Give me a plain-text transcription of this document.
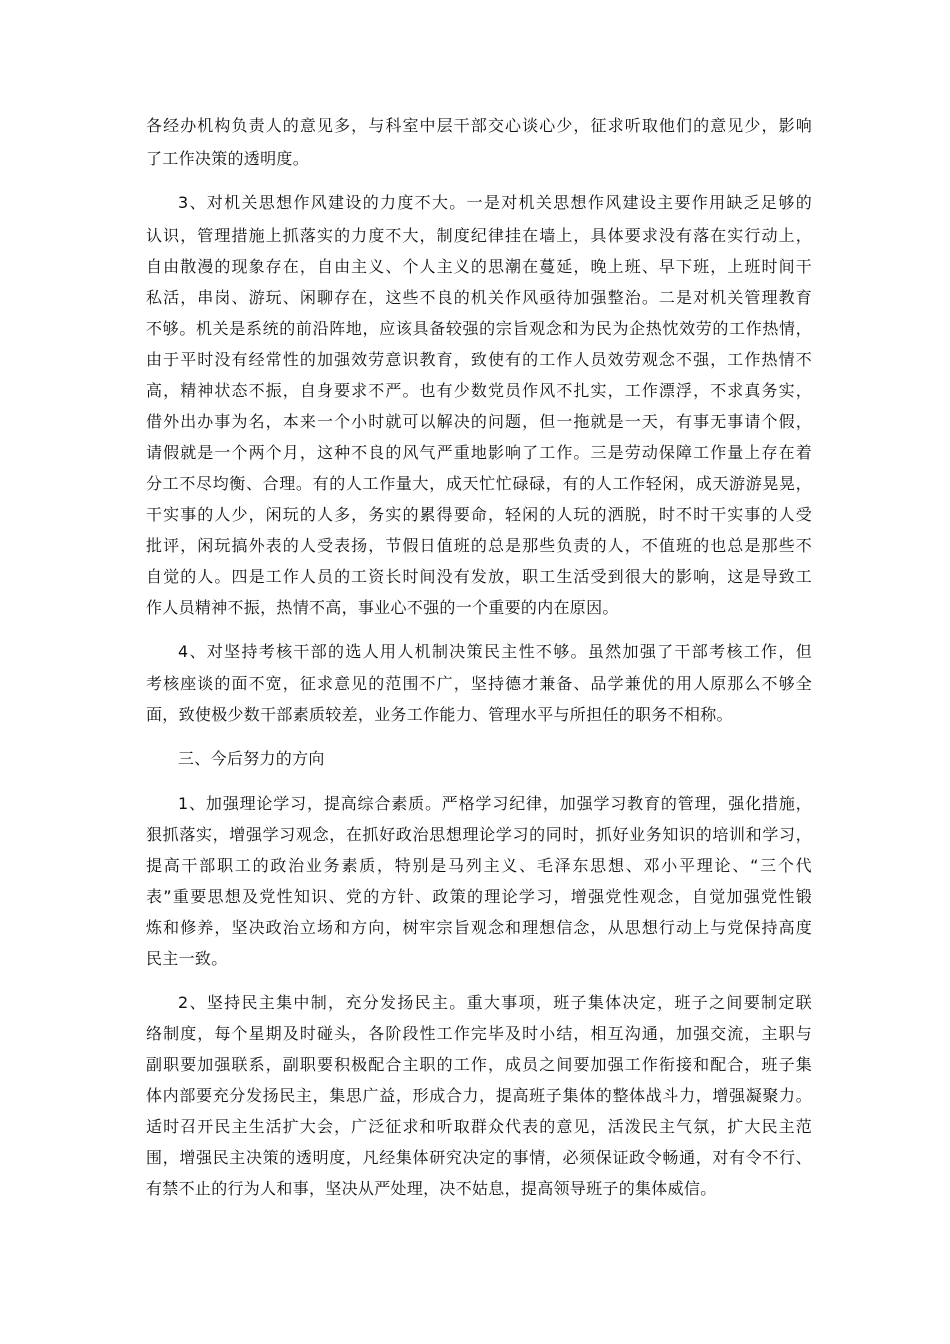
各经办机构负责人的意见多，与科室中层干部交心谈心少，征求听取他们的意见少，影响
了工作决策的透明度。
3、对机关思想作风建设的力度不大。一是对机关思想作风建设主要作用缺乏足够的
认识，管理措施上抓落实的力度不大，制度纪律挂在墙上，具体要求没有落在实行动上，
自由散漫的现象存在，自由主义、个人主义的思潮在蔓延，晚上班、早下班，上班时间干
私活，串岗、游玩、闲聊存在，这些不良的机关作风亟待加强整治。二是对机关管理教育
不够。机关是系统的前沿阵地，应该具备较强的宗旨观念和为民为企热忱效劳的工作热情，
由于平时没有经常性的加强效劳意识教育，致使有的工作人员效劳观念不强，工作热情不
高，精神状态不振，自身要求不严。也有少数党员作风不扎实，工作漂浮，不求真务实，
借外出办事为名，本来一个小时就可以解决的问题，但一拖就是一天，有事无事请个假，
请假就是一个两个月，这种不良的风气严重地影响了工作。三是劳动保障工作量上存在着
分工不尽均衡、合理。有的人工作量大，成天忙忙碌碌，有的人工作轻闲，成天游游晃晃，
干实事的人少，闲玩的人多，务实的累得要命，轻闲的人玩的洒脱，时不时干实事的人受
批评，闲玩搞外表的人受表扬，节假日值班的总是那些负责的人，不值班的也总是那些不
自觉的人。四是工作人员的工资长时间没有发放，职工生活受到很大的影响，这是导致工
作人员精神不振，热情不高，事业心不强的一个重要的内在原因。
4、对坚持考核干部的选人用人机制决策民主性不够。虽然加强了干部考核工作，但
考核座谈的面不宽，征求意见的范围不广，坚持德才兼备、品学兼优的用人原那么不够全
面，致使极少数干部素质较差，业务工作能力、管理水平与所担任的职务不相称。
三、今后努力的方向
1、加强理论学习，提高综合素质。严格学习纪律，加强学习教育的管理，强化措施，
狠抓落实，增强学习观念，在抓好政治思想理论学习的同时，抓好业务知识的培训和学习，
提高干部职工的政治业务素质，特别是马列主义、毛泽东思想、邓小平理论、“三个代
表”重要思想及党性知识、党的方针、政策的理论学习，增强党性观念，自觉加强党性锻
炼和修养，坚决政治立场和方向，树牢宗旨观念和理想信念，从思想行动上与党保持高度
民主一致。
2、坚持民主集中制，充分发扬民主。重大事项，班子集体决定，班子之间要制定联
络制度，每个星期及时碰头，各阶段性工作完毕及时小结，相互沟通，加强交流，主职与
副职要加强联系，副职要积极配合主职的工作，成员之间要加强工作衔接和配合，班子集
体内部要充分发扬民主，集思广益，形成合力，提高班子集体的整体战斗力，增强凝聚力。
适时召开民主生活扩大会，广泛征求和听取群众代表的意见，活泼民主气氛，扩大民主范
围，增强民主决策的透明度，凡经集体研究决定的事情，必须保证政令畅通，对有令不行、
有禁不止的行为人和事，坚决从严处理，决不姑息，提高领导班子的集体威信。
